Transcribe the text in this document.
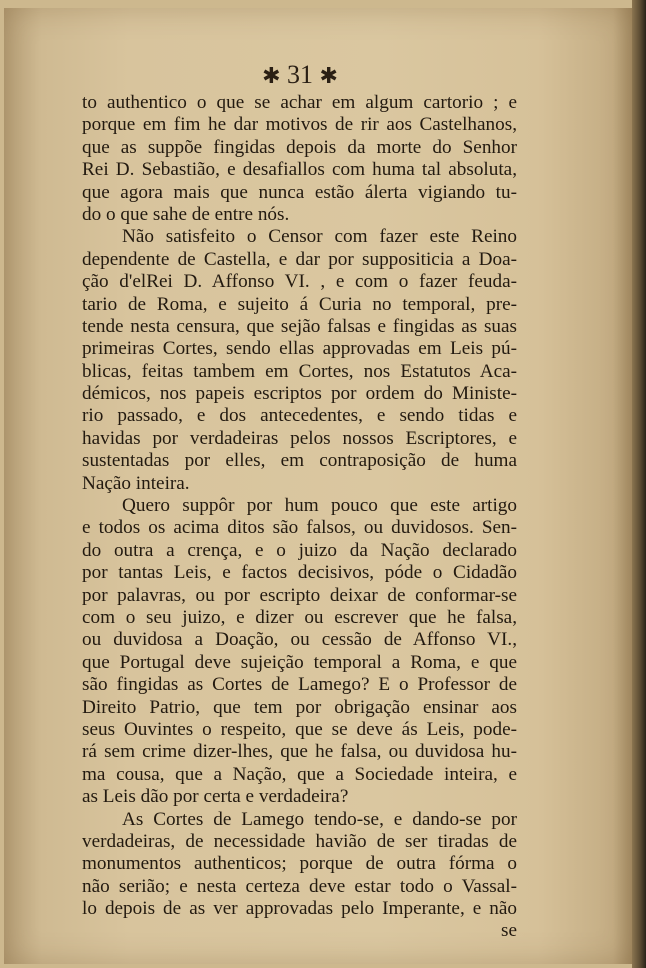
✱ 31 ✱
to authentico o que se achar em algum cartorio ; e
porque em fim he dar motivos de rir aos Castelhanos,
que as suppõe fingidas depois da morte do Senhor
Rei D. Sebastião, e desafiallos com huma tal absoluta,
que agora mais que nunca estão álerta vigiando tu-
do o que sahe de entre nós.
Não satisfeito o Censor com fazer este Reino
dependente de Castella, e dar por suppositicia a Doa-
ção d'elRei D. Affonso VI. , e com o fazer feuda-
tario de Roma, e sujeito á Curia no temporal, pre-
tende nesta censura, que sejão falsas e fingidas as suas
primeiras Cortes, sendo ellas approvadas em Leis pú-
blicas, feitas tambem em Cortes, nos Estatutos Aca-
démicos, nos papeis escriptos por ordem do Ministe-
rio passado, e dos antecedentes, e sendo tidas e
havidas por verdadeiras pelos nossos Escriptores, e
sustentadas por elles, em contraposição de huma
Nação inteira.
Quero suppôr por hum pouco que este artigo
e todos os acima ditos são falsos, ou duvidosos. Sen-
do outra a crença, e o juizo da Nação declarado
por tantas Leis, e factos decisivos, póde o Cidadão
por palavras, ou por escripto deixar de conformar-se
com o seu juizo, e dizer ou escrever que he falsa,
ou duvidosa a Doação, ou cessão de Affonso VI.,
que Portugal deve sujeição temporal a Roma, e que
são fingidas as Cortes de Lamego? E o Professor de
Direito Patrio, que tem por obrigação ensinar aos
seus Ouvintes o respeito, que se deve ás Leis, pode-
rá sem crime dizer-lhes, que he falsa, ou duvidosa hu-
ma cousa, que a Nação, que a Sociedade inteira, e
as Leis dão por certa e verdadeira?
As Cortes de Lamego tendo-se, e dando-se por
verdadeiras, de necessidade havião de ser tiradas de
monumentos authenticos; porque de outra fórma o
não serião; e nesta certeza deve estar todo o Vassal-
lo depois de as ver approvadas pelo Imperante, e não
se
